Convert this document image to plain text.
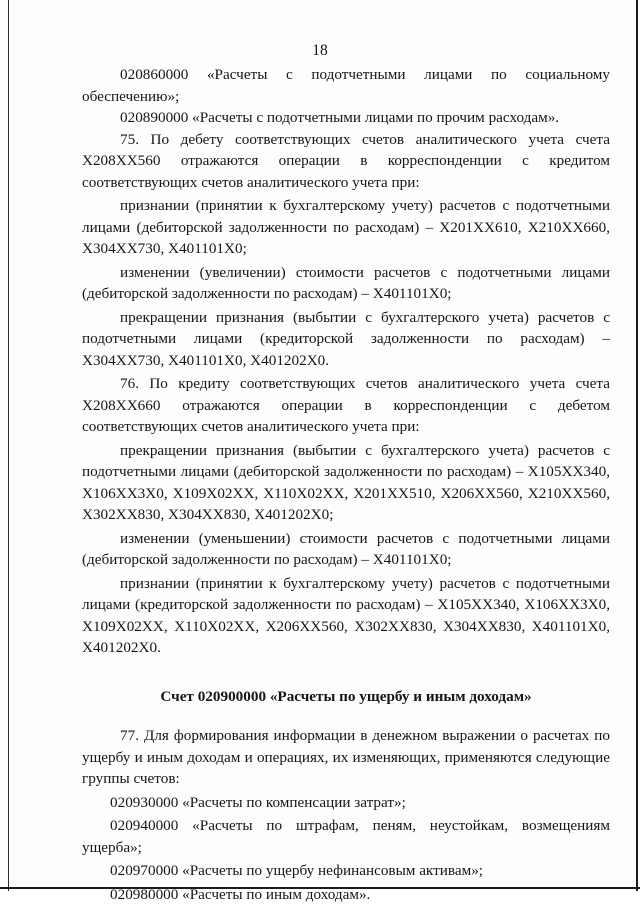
18

020860000 «Расчеты с подотчетными лицами по социальному обеспечению»;

020890000 «Расчеты с подотчетными лицами по прочим расходам».

75. По дебету соответствующих счетов аналитического учета счета Х208ХХ560 отражаются операции в корреспонденции с кредитом соответствующих счетов аналитического учета при:

признании (принятии к бухгалтерскому учету) расчетов с подотчетными лицами (дебиторской задолженности по расходам) – Х201ХХ610, Х210ХХ660, Х304ХХ730, Х401101Х0;

изменении (увеличении) стоимости расчетов с подотчетными лицами (дебиторской задолженности по расходам) – Х401101Х0;

прекращении признания (выбытии с бухгалтерского учета) расчетов с подотчетными лицами (кредиторской задолженности по расходам) – Х304ХХ730, Х401101Х0, Х401202Х0.

76. По кредиту соответствующих счетов аналитического учета счета Х208ХХ660 отражаются операции в корреспонденции с дебетом соответствующих счетов аналитического учета при:

прекращении признания (выбытии с бухгалтерского учета) расчетов с подотчетными лицами (дебиторской задолженности по расходам) – Х105ХХ340, Х106ХХ3Х0, Х109Х02ХХ, Х110Х02ХХ, Х201ХХ510, Х206ХХ560, Х210ХХ560, Х302ХХ830, Х304ХХ830, Х401202Х0;

изменении (уменьшении) стоимости расчетов с подотчетными лицами (дебиторской задолженности по расходам) – Х401101Х0;

признании (принятии к бухгалтерскому учету) расчетов с подотчетными лицами (кредиторской задолженности по расходам) – Х105ХХ340, Х106ХХ3Х0, Х109Х02ХХ, Х110Х02ХХ, Х206ХХ560, Х302ХХ830, Х304ХХ830, Х401101Х0, Х401202Х0.

Счет 020900000 «Расчеты по ущербу и иным доходам»

77. Для формирования информации в денежном выражении о расчетах по ущербу и иным доходам и операциях, их изменяющих, применяются следующие группы счетов:

020930000 «Расчеты по компенсации затрат»;

020940000 «Расчеты по штрафам, пеням, неустойкам, возмещениям ущерба»;

020970000 «Расчеты по ущербу нефинансовым активам»;

020980000 «Расчеты по иным доходам».
